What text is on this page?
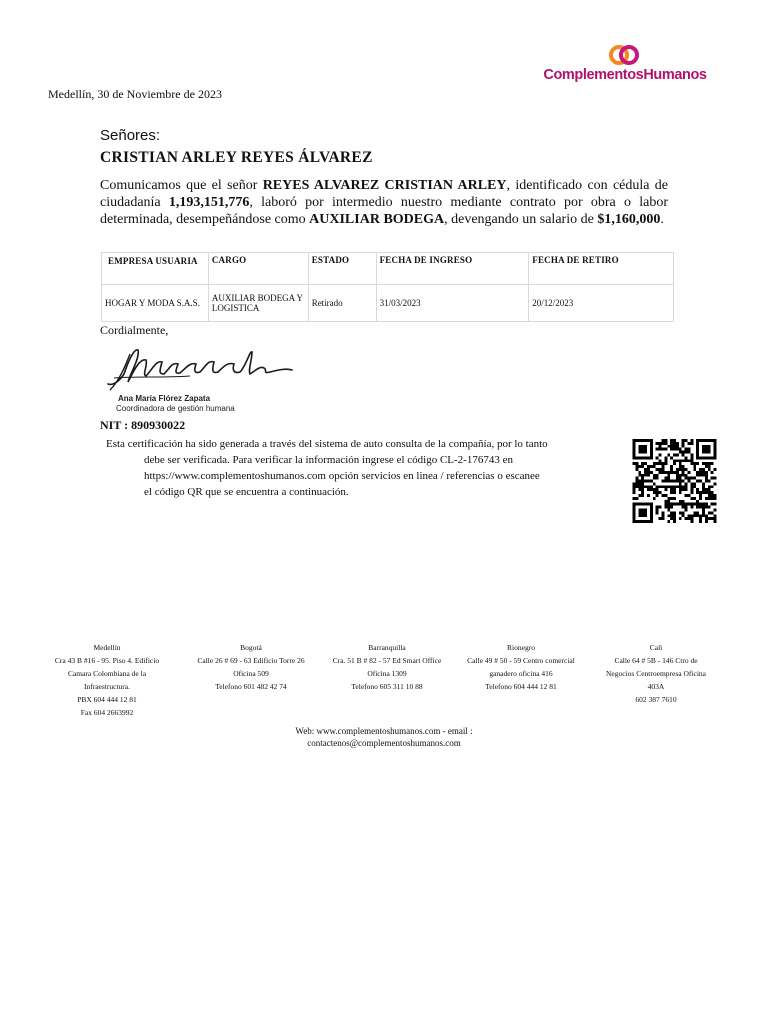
ComplementosHumanos
Medellín, 30 de Noviembre de 2023
Señores:
CRISTIAN ARLEY REYES ÁLVAREZ
Comunicamos que el señor REYES ALVAREZ CRISTIAN ARLEY, identificado con cédula de ciudadanía 1,193,151,776, laboró por intermedio nuestro mediante contrato por obra o labor determinada, desempeñándose como AUXILIAR BODEGA, devengando un salario de $1,160,000.
EMPRESA USUARIA	CARGO	ESTADO	FECHA DE INGRESO	FECHA DE RETIRO
HOGAR Y MODA S.A.S.	AUXILIAR BODEGA Y LOGISTICA	Retirado	31/03/2023	20/12/2023
Cordialmente,
Ana María Flórez Zapata
Coordinadora de gestión humana
NIT : 890930022
Esta certificación ha sido generada a través del sistema de auto consulta de la compañía, por lo tanto
debe ser verificada. Para verificar la información ingrese el código CL-2-176743 en
https://www.complementoshumanos.com opción servicios en linea / referencias o escanee
el código QR que se encuentra a continuación.
Medellín
Cra 43 B #16 - 95. Piso 4. Edificio
Camara Colombiana de la
Infraestructura.
PBX 604 444 12 81
Fax 604 2663992
Bogotá
Calle 26 # 69 - 63 Edificio Torre 26
Oficina 509
Telefono 601 482 42 74
Barranquilla
Cra. 51 B # 82 - 57 Ed Smart Office
Oficina 1309
Telefono 605 311 10 88
Rionegro
Calle 49 # 50 - 59 Centro comercial
ganadero oficina 416
Telefono 604 444 12 81
Cali
Calle 64 # 5B - 146 Ctro de
Negocios Centroempresa Oficina
403A
602 387 7610
Web: www.complementoshumanos.com - email :
contactenos@complementoshumanos.com
